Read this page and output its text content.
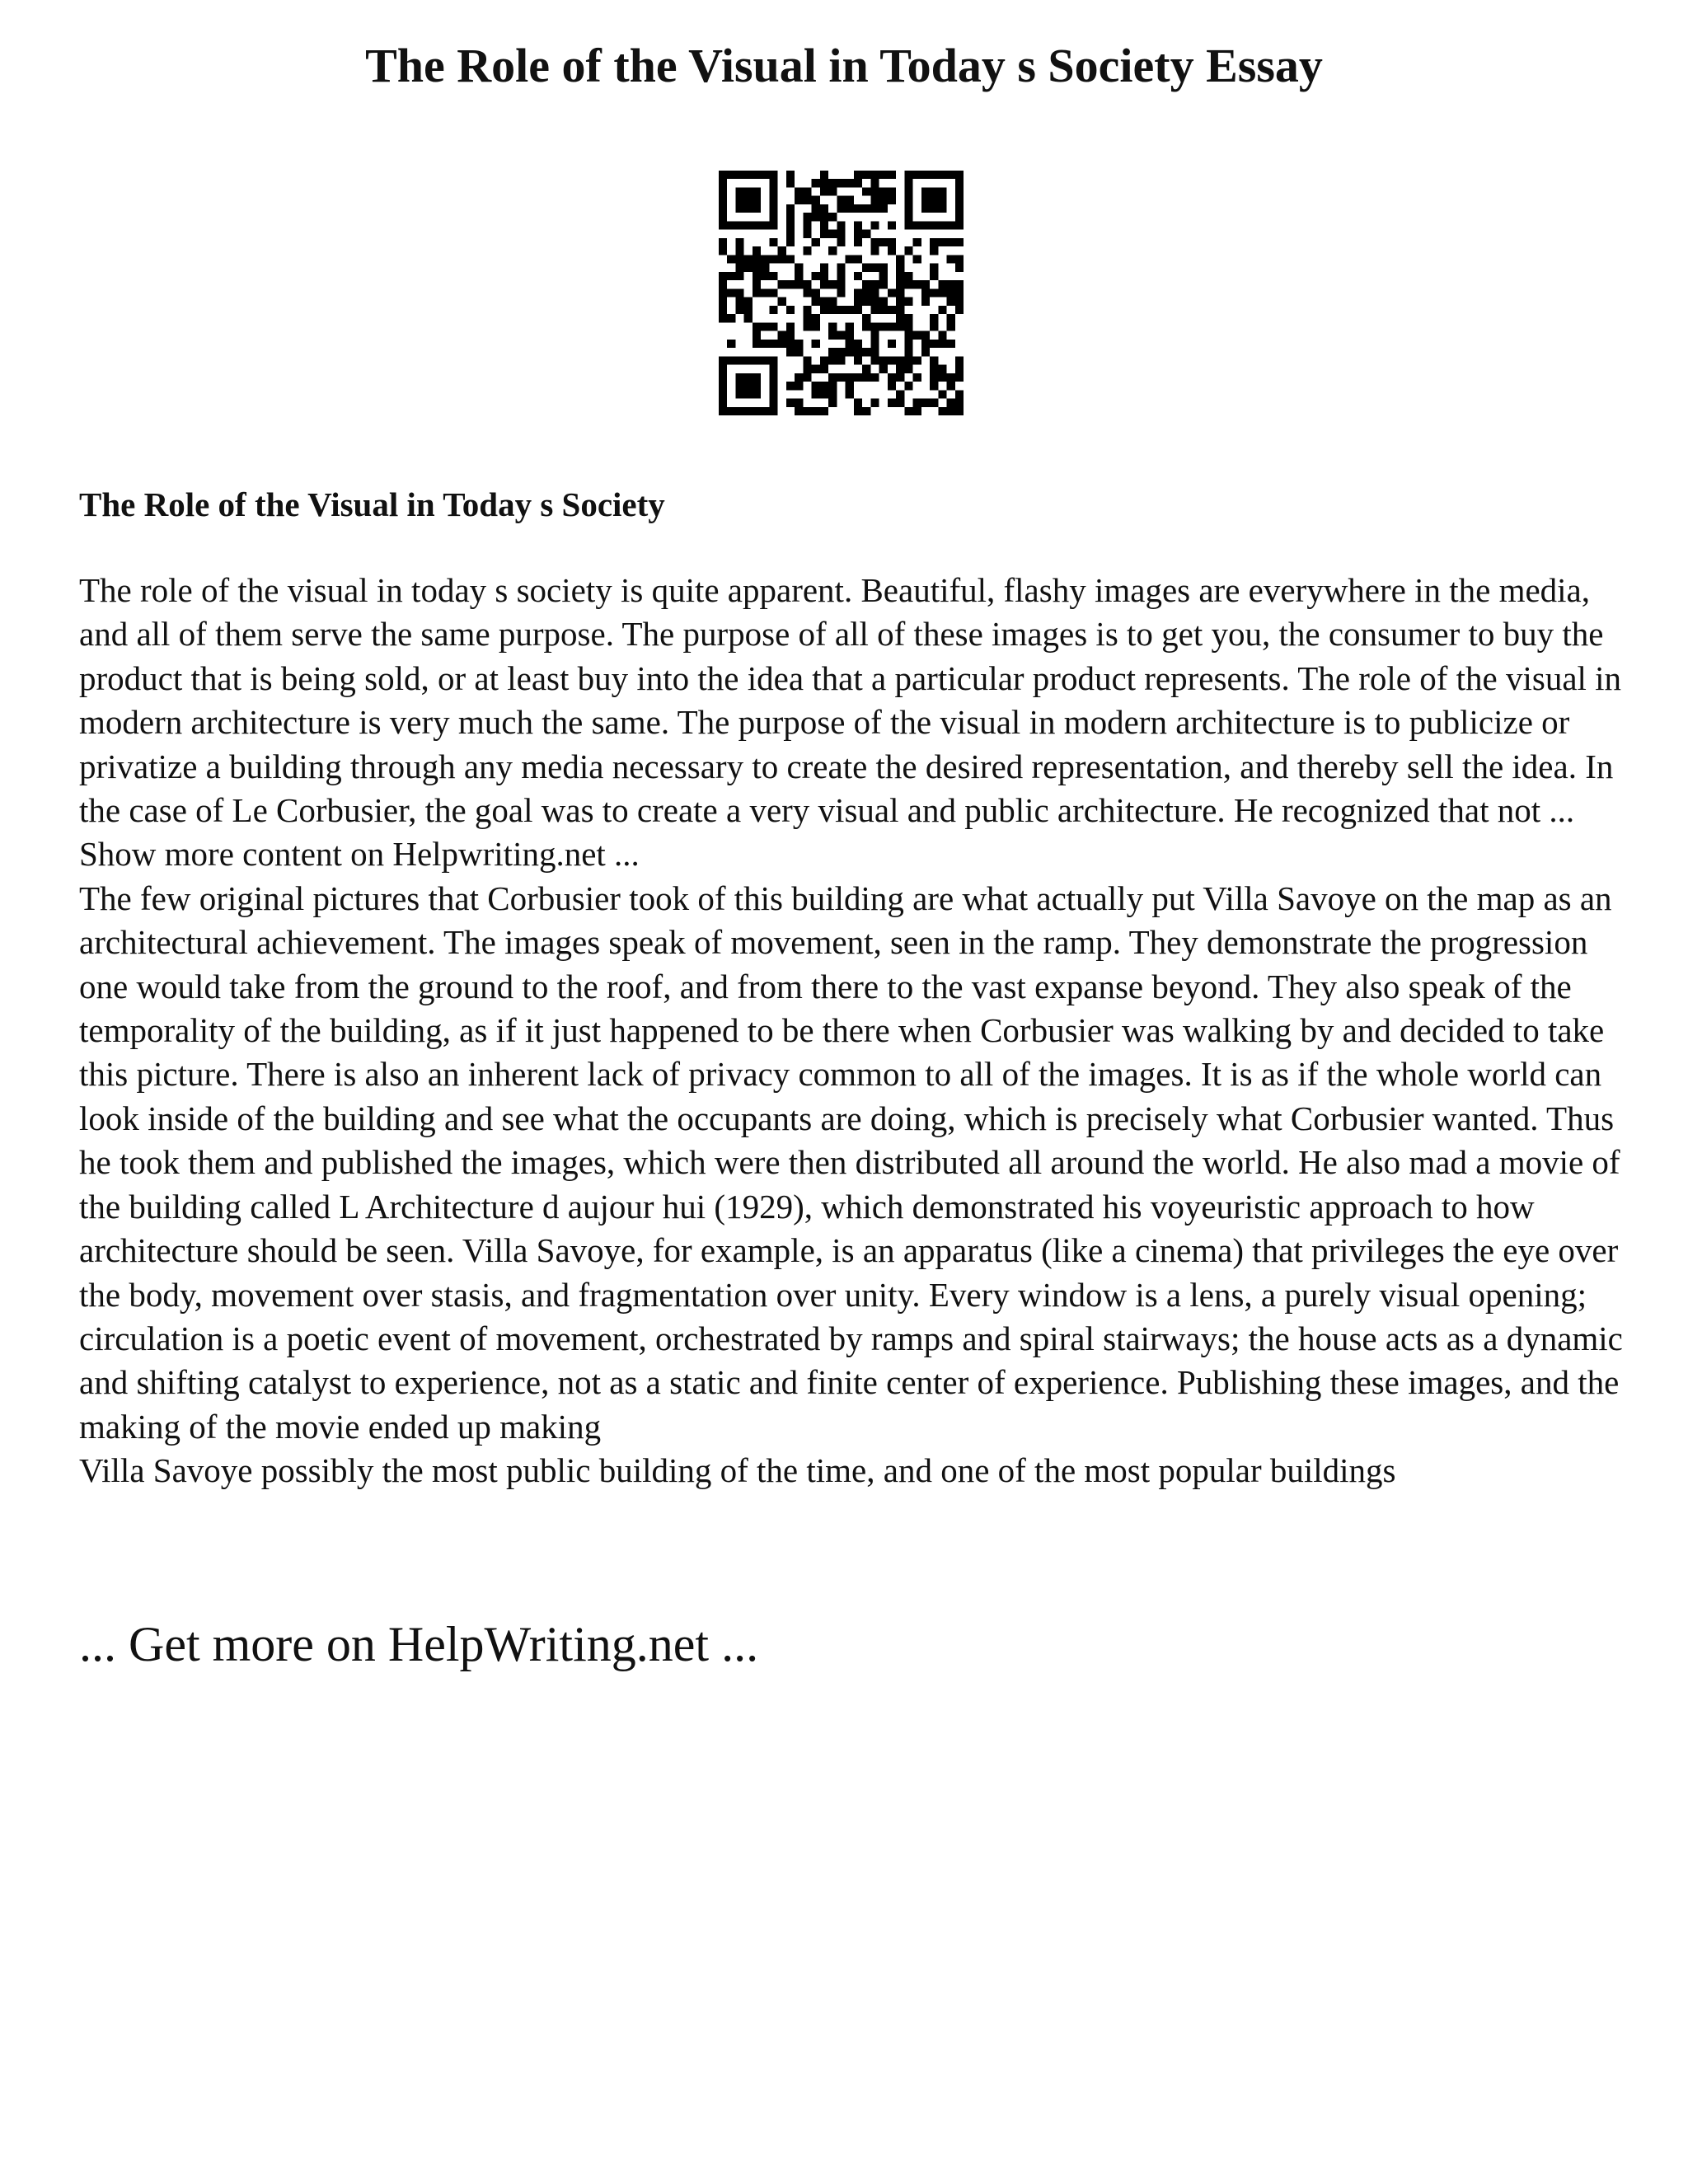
The Role of the Visual in Today s Society Essay
The Role of the Visual in Today s Society

The role of the visual in today s society is quite apparent. Beautiful, flashy images are everywhere in the media, and all of them serve the same purpose. The purpose of all of these images is to get you, the consumer to buy the product that is being sold, or at least buy into the idea that a particular product represents. The role of the visual in modern architecture is very much the same. The purpose of the visual in modern architecture is to publicize or privatize a building through any media necessary to create the desired representation, and thereby sell the idea. In the case of Le Corbusier, the goal was to create a very visual and public architecture. He recognized that not ... Show more content on Helpwriting.net ...

The few original pictures that Corbusier took of this building are what actually put Villa Savoye on the map as an architectural achievement. The images speak of movement, seen in the ramp. They demonstrate the progression one would take from the ground to the roof, and from there to the vast expanse beyond. They also speak of the temporality of the building, as if it just happened to be there when Corbusier was walking by and decided to take this picture. There is also an inherent lack of privacy common to all of the images. It is as if the whole world can look inside of the building and see what the occupants are doing, which is precisely what Corbusier wanted. Thus he took them and published the images, which were then distributed all around the world. He also mad a movie of the building called L Architecture d aujour hui (1929), which demonstrated his voyeuristic approach to how architecture should be seen. Villa Savoye, for example, is an apparatus (like a cinema) that privileges the eye over the body, movement over stasis, and fragmentation over unity. Every window is a lens, a purely visual opening; circulation is a poetic event of movement, orchestrated by ramps and spiral stairways; the house acts as a dynamic and shifting catalyst to experience, not as a static and finite center of experience. Publishing these images, and the making of the movie ended up making

Villa Savoye possibly the most public building of the time, and one of the most popular buildings

... Get more on HelpWriting.net ...
